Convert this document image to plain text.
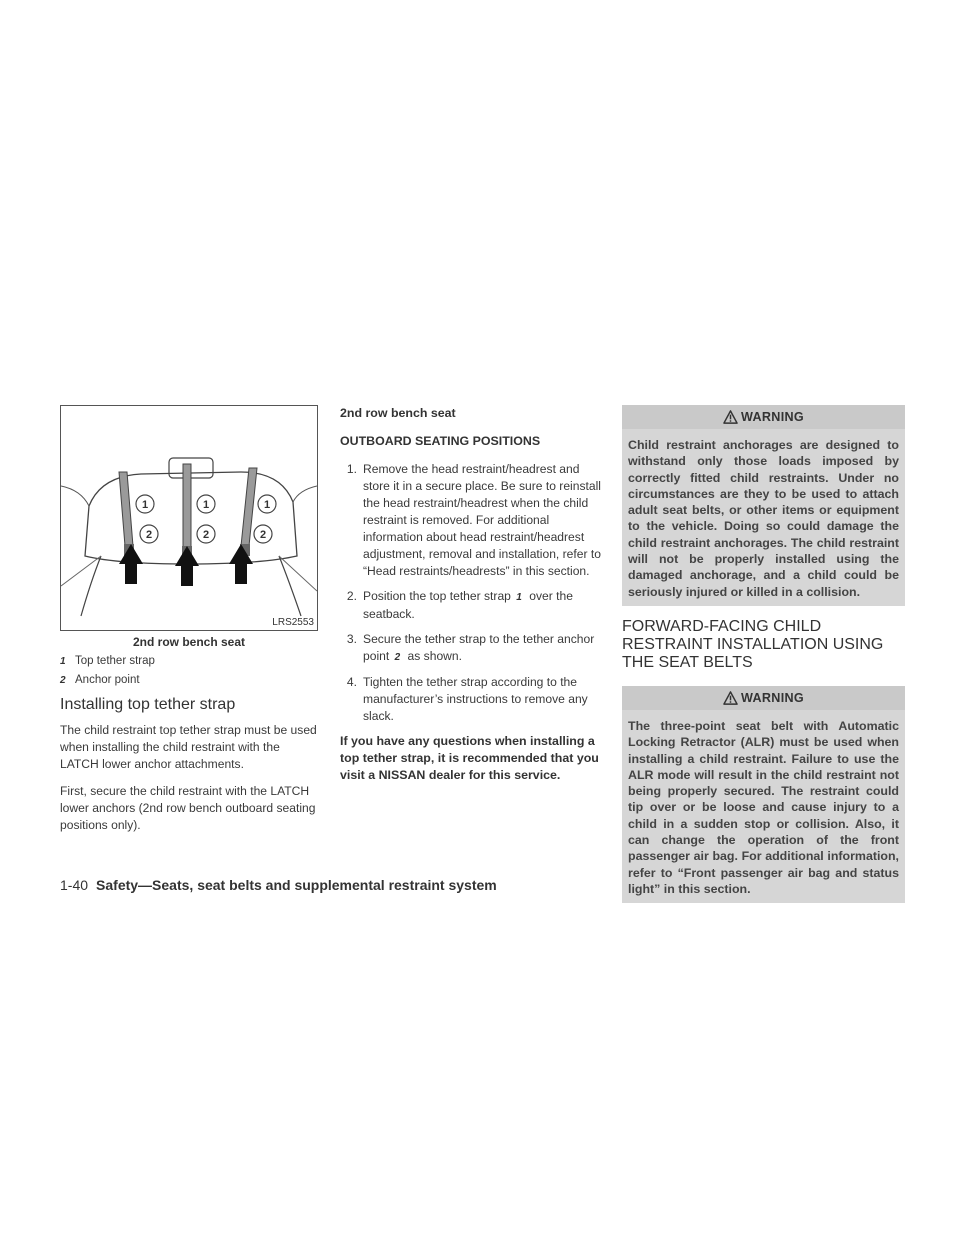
1	1	1
2	2	2
LRS2553
2nd row bench seat
1 Top tether strap
2 Anchor point
Installing top tether strap

The child restraint top tether strap must be used when installing the child restraint with the LATCH lower anchor attachments.

First, secure the child restraint with the LATCH lower anchors (2nd row bench outboard seating positions only).

2nd row bench seat
OUTBOARD SEATING POSITIONS
1. Remove the head restraint/headrest and store it in a secure place. Be sure to reinstall the head restraint/headrest when the child restraint is removed. For additional information about head restraint/headrest adjustment, removal and installation, refer to “Head restraints/headrests” in this section.
2. Position the top tether strap 1 over the seatback.
3. Secure the tether strap to the tether anchor point 2 as shown.
4. Tighten the tether strap according to the manufacturer’s instructions to remove any slack.

If you have any questions when installing a top tether strap, it is recommended that you visit a NISSAN dealer for this service.

WARNING

Child restraint anchorages are designed to withstand only those loads imposed by correctly fitted child restraints. Under no circumstances are they to be used to attach adult seat belts, or other items or equipment to the vehicle. Doing so could damage the child restraint anchorages. The child restraint will not be properly installed using the damaged anchorage, and a child could be seriously injured or killed in a collision.

FORWARD-FACING CHILD RESTRAINT INSTALLATION USING THE SEAT BELTS
WARNING

The three-point seat belt with Automatic Locking Retractor (ALR) must be used when installing a child restraint. Failure to use the ALR mode will result in the child restraint not being properly secured. The restraint could tip over or be loose and cause injury to a child in a sudden stop or collision. Also, it can change the operation of the front passenger air bag. For additional information, refer to “Front passenger air bag and status light” in this section.

1-40 Safety—Seats, seat belts and supplemental restraint system
